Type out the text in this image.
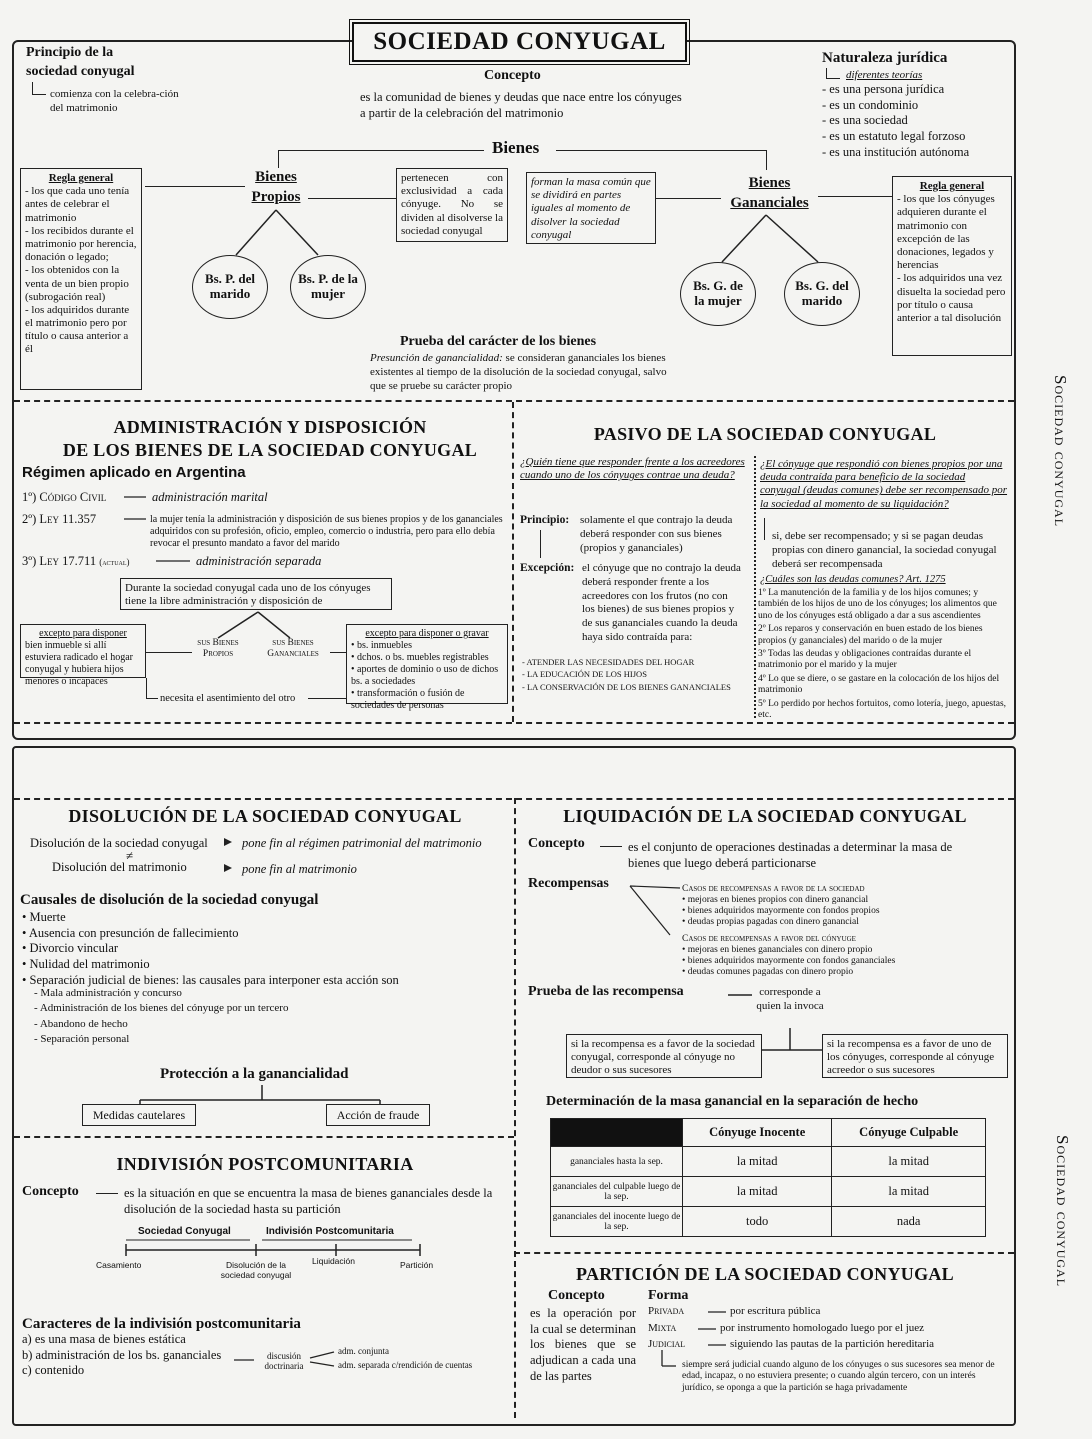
Sociedad conyugal
Sociedad conyugal
SOCIEDAD CONYUGAL
Principio de la
sociedad conyugal
comienza con la celebra-ción del matrimonio
Concepto
es la comunidad de bienes y deudas que nace entre los cónyuges a partir de la celebración del matrimonio
Naturaleza jurídica
diferentes teorías
- es una persona jurídica
- es un condominio
- es una sociedad
- es un estatuto legal forzoso
- es una institución autónoma
Bienes
Bienes
Propios
Bienes
Gananciales
Regla general
- los que cada uno tenía antes de celebrar el matrimonio
- los recibidos durante el matrimonio por herencia, donación o legado;
- los obtenidos con la venta de un bien propio (subrogación real)
- los adquiridos durante el matrimonio pero por título o causa anterior a él
pertenecen con exclusividad a cada cónyuge. No se dividen al disolverse la sociedad conyugal
forman la masa común que se dividirá en partes iguales al momento de disolver la sociedad conyugal
Regla general
- los que los cónyuges adquieren durante el matrimonio con excepción de las donaciones, legados y herencias
- los adquiridos una vez disuelta la sociedad pero por título o causa anterior a tal disolución
Bs. P. del marido
Bs. P. de la mujer
Bs. G. de la mujer
Bs. G. del marido
Prueba del carácter de los bienes
Presunción de ganancialidad: se consideran gananciales los bienes existentes al tiempo de la disolución de la sociedad conyugal, salvo que se pruebe su carácter propio
ADMINISTRACIÓN Y DISPOSICIÓN
DE LOS BIENES DE LA SOCIEDAD CONYUGAL
Régimen aplicado en Argentina
1º) Código Civil	administración marital
2º) Ley 11.357	la mujer tenía la administración y disposición de sus bienes propios y de los gananciales adquiridos con su profesión, oficio, empleo, comercio o industria, pero para ello debía revocar el presunto mandato a favor del marido
3º) Ley 17.711 (actual)	administración separada
Durante la sociedad conyugal cada uno de los cónyuges tiene la libre administración y disposición de
sus Bienes Propios
sus Bienes Gananciales
excepto para disponer
bien inmueble si allí estuviera radicado el hogar conyugal y hubiera hijos menores o incapaces
excepto para disponer o gravar
• bs. inmuebles
• dchos. o bs. muebles registrables
• aportes de dominio o uso de dichos bs. a sociedades
• transformación o fusión de sociedades de personas
necesita el asentimiento del otro
PASIVO DE LA SOCIEDAD CONYUGAL
¿Quién tiene que responder frente a los acreedores cuando uno de los cónyuges contrae una deuda?
¿El cónyuge que respondió con bienes propios por una deuda contraída para beneficio de la sociedad conyugal (deudas comunes) debe ser recompensado por la sociedad al momento de su liquidación?
si, debe ser recompensado; y si se pagan deudas propias con dinero ganancial, la sociedad conyugal deberá ser recompensada
Principio: solamente el que contrajo la deuda deberá responder con sus bienes (propios y gananciales)
Excepción: el cónyuge que no contrajo la deuda deberá responder frente a los acreedores con los frutos (no con los bienes) de sus bienes propios y de sus gananciales cuando la deuda haya sido contraída para:
- ATENDER LAS NECESIDADES DEL HOGAR
- LA EDUCACIÓN DE LOS HIJOS
- LA CONSERVACIÓN DE LOS BIENES GANANCIALES
¿Cuáles son las deudas comunes? Art. 1275
1º La manutención de la familia y de los hijos comunes; y también de los hijos de uno de los cónyuges; los alimentos que uno de los cónyuges está obligado a dar a sus ascendientes
2º Los reparos y conservación en buen estado de los bienes propios (y gananciales) del marido o de la mujer
3º Todas las deudas y obligaciones contraídas durante el matrimonio por el marido y la mujer
4º Lo que se diere, o se gastare en la colocación de los hijos del matrimonio
5º Lo perdido por hechos fortuitos, como lotería, juego, apuestas, etc.
DISOLUCIÓN DE LA SOCIEDAD CONYUGAL
Disolución de la sociedad conyugal	pone fin al régimen patrimonial del matrimonio
≠
Disolución del matrimonio	pone fin al matrimonio
Causales de disolución de la sociedad conyugal
• Muerte
• Ausencia con presunción de fallecimiento
• Divorcio vincular
• Nulidad del matrimonio
• Separación judicial de bienes: las causales para interponer esta acción son
- Mala administración y concurso
- Administración de los bienes del cónyuge por un tercero
- Abandono de hecho
- Separación personal
Protección a la ganancialidad
Medidas cautelares	Acción de fraude
INDIVISIÓN POSTCOMUNITARIA
Concepto	es la situación en que se encuentra la masa de bienes gananciales desde la disolución de la sociedad hasta su partición
Sociedad Conyugal	Indivisión Postcomunitaria
Casamiento	Disolución de la sociedad conyugal
Liquidación	Partición
Caracteres de la indivisión postcomunitaria
a) es una masa de bienes estática
b) administración de los bs. gananciales
c) contenido
discusión doctrinaria
adm. conjunta
adm. separada c/rendición de cuentas
LIQUIDACIÓN DE LA SOCIEDAD CONYUGAL
Concepto	es el conjunto de operaciones destinadas a determinar la masa de bienes que luego deberá particionarse
Recompensas	Casos de recompensas a favor de la sociedad
• mejoras en bienes propios con dinero ganancial
• bienes adquiridos mayormente con fondos propios
• deudas propias pagadas con dinero ganancial
Casos de recompensas a favor del cónyuge
• mejoras en bienes gananciales con dinero propio
• bienes adquiridos mayormente con fondos gananciales
• deudas comunes pagadas con dinero propio
Prueba de las recompensa	corresponde a quien la invoca
si la recompensa es a favor de la sociedad conyugal, corresponde al cónyuge no deudor o sus sucesores
si la recompensa es a favor de uno de los cónyuges, corresponde al cónyuge acreedor o sus sucesores
Determinación de la masa ganancial en la separación de hecho
	Cónyuge Inocente	Cónyuge Culpable
gananciales hasta la sep.	la mitad	la mitad
gananciales del culpable luego de la sep.	la mitad	la mitad
gananciales del inocente luego de la sep.	todo	nada
PARTICIÓN DE LA SOCIEDAD CONYUGAL
Concepto
es la operación por la cual se determinan los bienes que se adjudican a cada una de las partes
Forma
Privada	por escritura pública
Mixta	por instrumento homologado luego por el juez
Judicial	siguiendo las pautas de la partición hereditaria
siempre será judicial cuando alguno de los cónyuges o sus sucesores sea menor de edad, incapaz, o no estuviera presente; o cuando algún tercero, con un interés jurídico, se oponga a que la partición se haga privadamente
